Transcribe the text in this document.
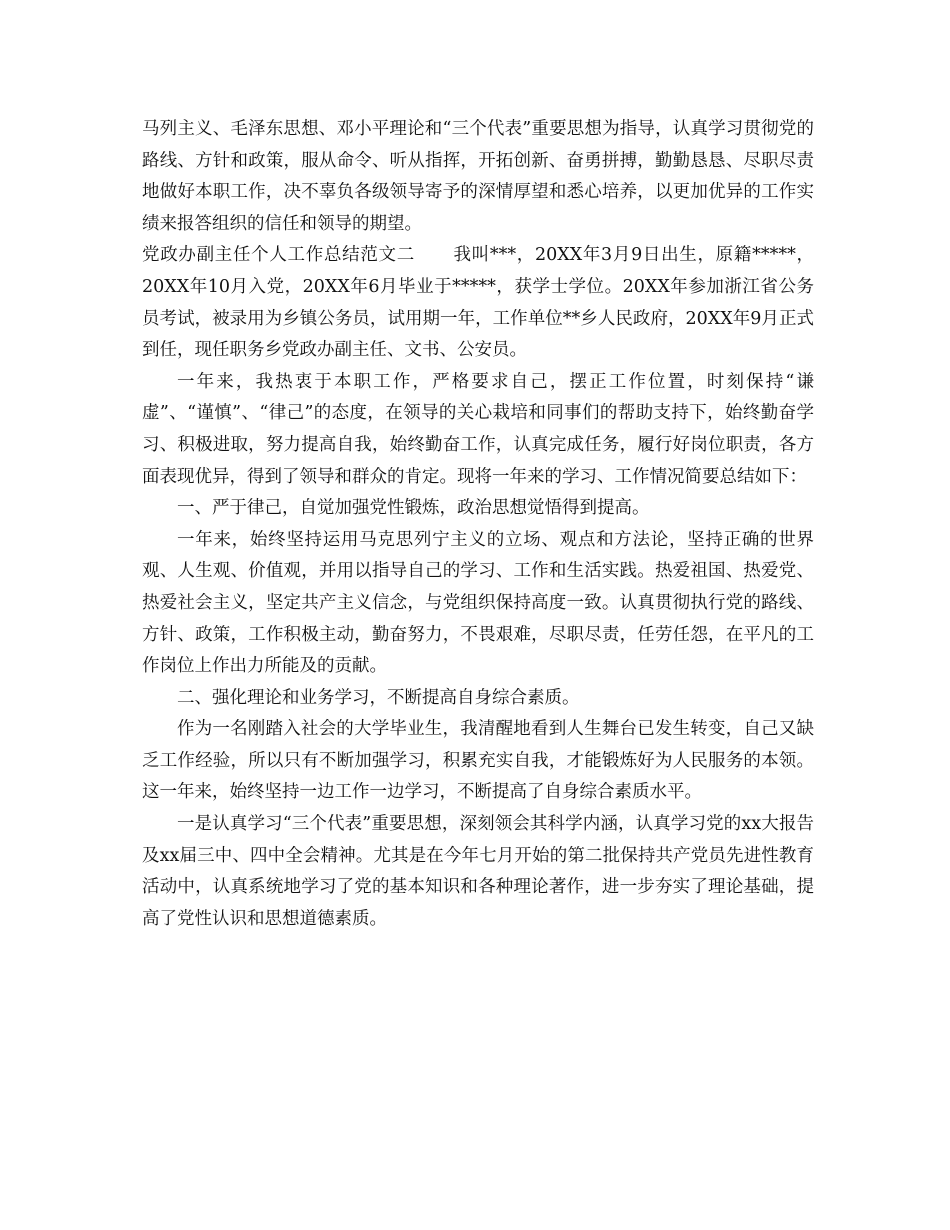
马列主义、毛泽东思想、邓小平理论和“三个代表”重要思想为指导，认真学习贯彻党的路线、方针和政策，服从命令、听从指挥，开拓创新、奋勇拼搏，勤勤恳恳、尽职尽责地做好本职工作，决不辜负各级领导寄予的深情厚望和悉心培养，以更加优异的工作实绩来报答组织的信任和领导的期望。

党政办副主任个人工作总结范文二 我叫***，20XX年3月9日出生，原籍*****，20XX年10月入党，20XX年6月毕业于*****，获学士学位。20XX年参加浙江省公务员考试，被录用为乡镇公务员，试用期一年，工作单位**乡人民政府，20XX年9月正式到任，现任职务乡党政办副主任、文书、公安员。

一年来，我热衷于本职工作，严格要求自己，摆正工作位置，时刻保持“谦虚”、“谨慎”、“律己”的态度，在领导的关心栽培和同事们的帮助支持下，始终勤奋学习、积极进取，努力提高自我，始终勤奋工作，认真完成任务，履行好岗位职责，各方面表现优异，得到了领导和群众的肯定。现将一年来的学习、工作情况简要总结如下：

一、严于律己，自觉加强党性锻炼，政治思想觉悟得到提高。

一年来，始终坚持运用马克思列宁主义的立场、观点和方法论，坚持正确的世界观、人生观、价值观，并用以指导自己的学习、工作和生活实践。热爱祖国、热爱党、热爱社会主义，坚定共产主义信念，与党组织保持高度一致。认真贯彻执行党的路线、方针、政策，工作积极主动，勤奋努力，不畏艰难，尽职尽责，任劳任怨，在平凡的工作岗位上作出力所能及的贡献。

二、强化理论和业务学习，不断提高自身综合素质。

作为一名刚踏入社会的大学毕业生，我清醒地看到人生舞台已发生转变，自己又缺乏工作经验，所以只有不断加强学习，积累充实自我，才能锻炼好为人民服务的本领。这一年来，始终坚持一边工作一边学习，不断提高了自身综合素质水平。

一是认真学习“三个代表”重要思想，深刻领会其科学内涵，认真学习党的xx大报告及xx届三中、四中全会精神。尤其是在今年七月开始的第二批保持共产党员先进性教育活动中，认真系统地学习了党的基本知识和各种理论著作，进一步夯实了理论基础，提高了党性认识和思想道德素质。
